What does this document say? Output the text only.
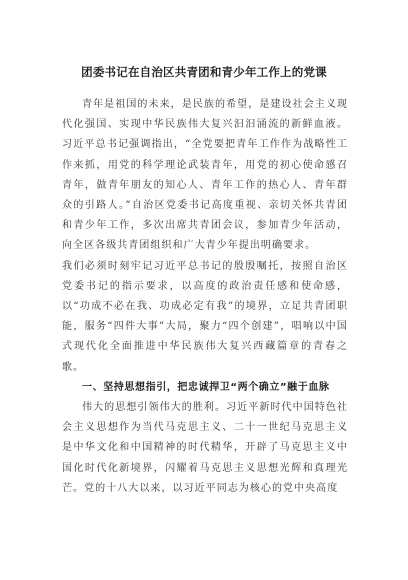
团委书记在自治区共青团和青少年工作上的党课

青年是祖国的未来，是民族的希望，是建设社会主义现代化强国、实现中华民族伟大复兴汩汩涌流的新鲜血液。习近平总书记强调指出，“全党要把青年工作作为战略性工作来抓，用党的科学理论武装青年，用党的初心使命感召青年，做青年朋友的知心人、青年工作的热心人、青年群众的引路人。”自治区党委书记高度重视、亲切关怀共青团和青少年工作，多次出席共青团会议，参加青少年活动，向全区各级共青团组织和广大青少年提出明确要求。

我们必须时刻牢记习近平总书记的殷殷嘱托，按照自治区党委书记的指示要求，以高度的政治责任感和使命感，以“功成不必在我、功成必定有我”的境界，立足共青团职能，服务“四件大事”大局，聚力“四个创建”，唱响以中国式现代化全面推进中华民族伟大复兴西藏篇章的青春之歌。

一、坚持思想指引，把忠诚捍卫“两个确立”融于血脉

伟大的思想引领伟大的胜利。习近平新时代中国特色社会主义思想作为当代马克思主义、二十一世纪马克思主义是中华文化和中国精神的时代精华，开辟了马克思主义中国化时代化新境界，闪耀着马克思主义思想光辉和真理光芒。党的十八大以来，以习近平同志为核心的党中央高度
